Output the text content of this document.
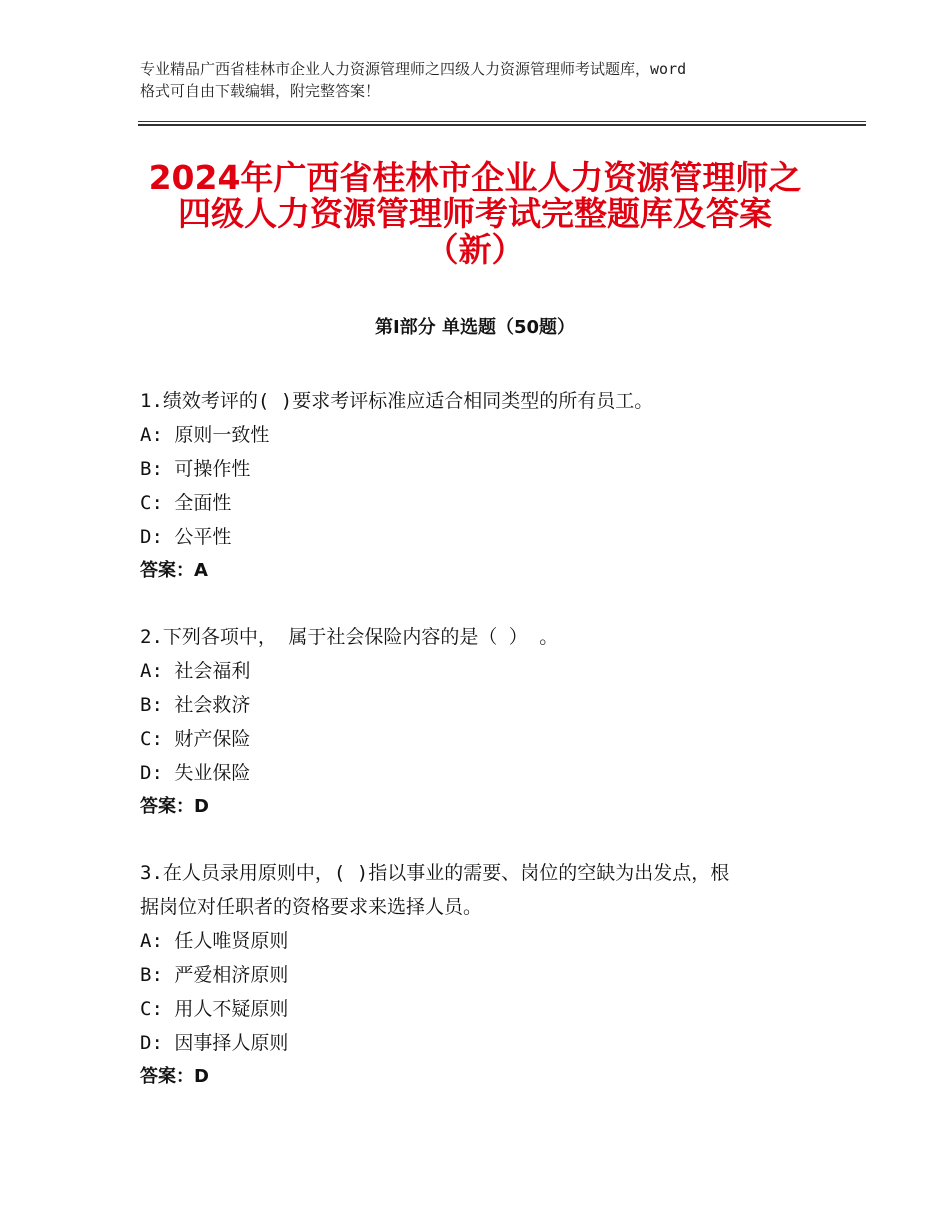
专业精品广西省桂林市企业人力资源管理师之四级人力资源管理师考试题库，word
格式可自由下载编辑，附完整答案！
2024年广西省桂林市企业人力资源管理师之
四级人力资源管理师考试完整题库及答案
（新）
第Ⅰ部分 单选题（50题）
1.绩效考评的( )要求考评标准应适合相同类型的所有员工。
A: 原则一致性
B: 可操作性
C: 全面性
D: 公平性
答案：A
2.下列各项中， 属于社会保险内容的是（ ） 。
A: 社会福利
B: 社会救济
C: 财产保险
D: 失业保险
答案：D
3.在人员录用原则中，( )指以事业的需要、岗位的空缺为出发点，根
据岗位对任职者的资格要求来选择人员。
A: 任人唯贤原则
B: 严爱相济原则
C: 用人不疑原则
D: 因事择人原则
答案：D
